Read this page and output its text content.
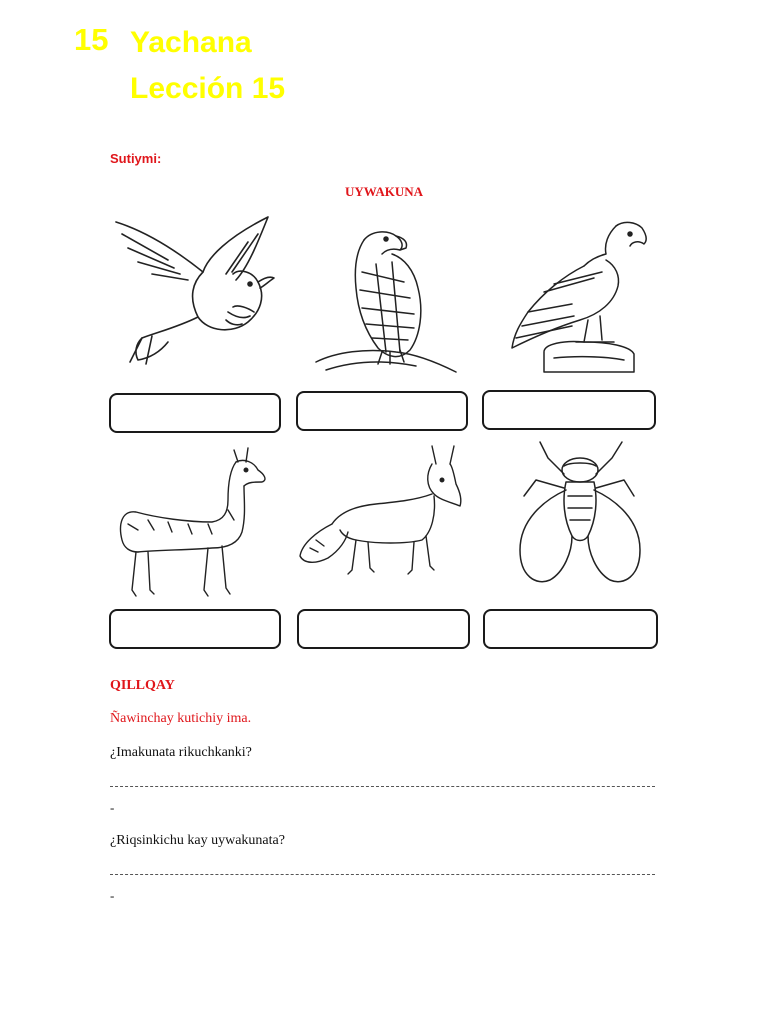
15 Yachana
Lección 15
Sutiymi:
UYWAKUNA
QILLQAY
Ñawinchay kutichiy ima.
¿Imakunata rikuchkanki?
-
¿Riqsinkichu kay uywakunata?
-
